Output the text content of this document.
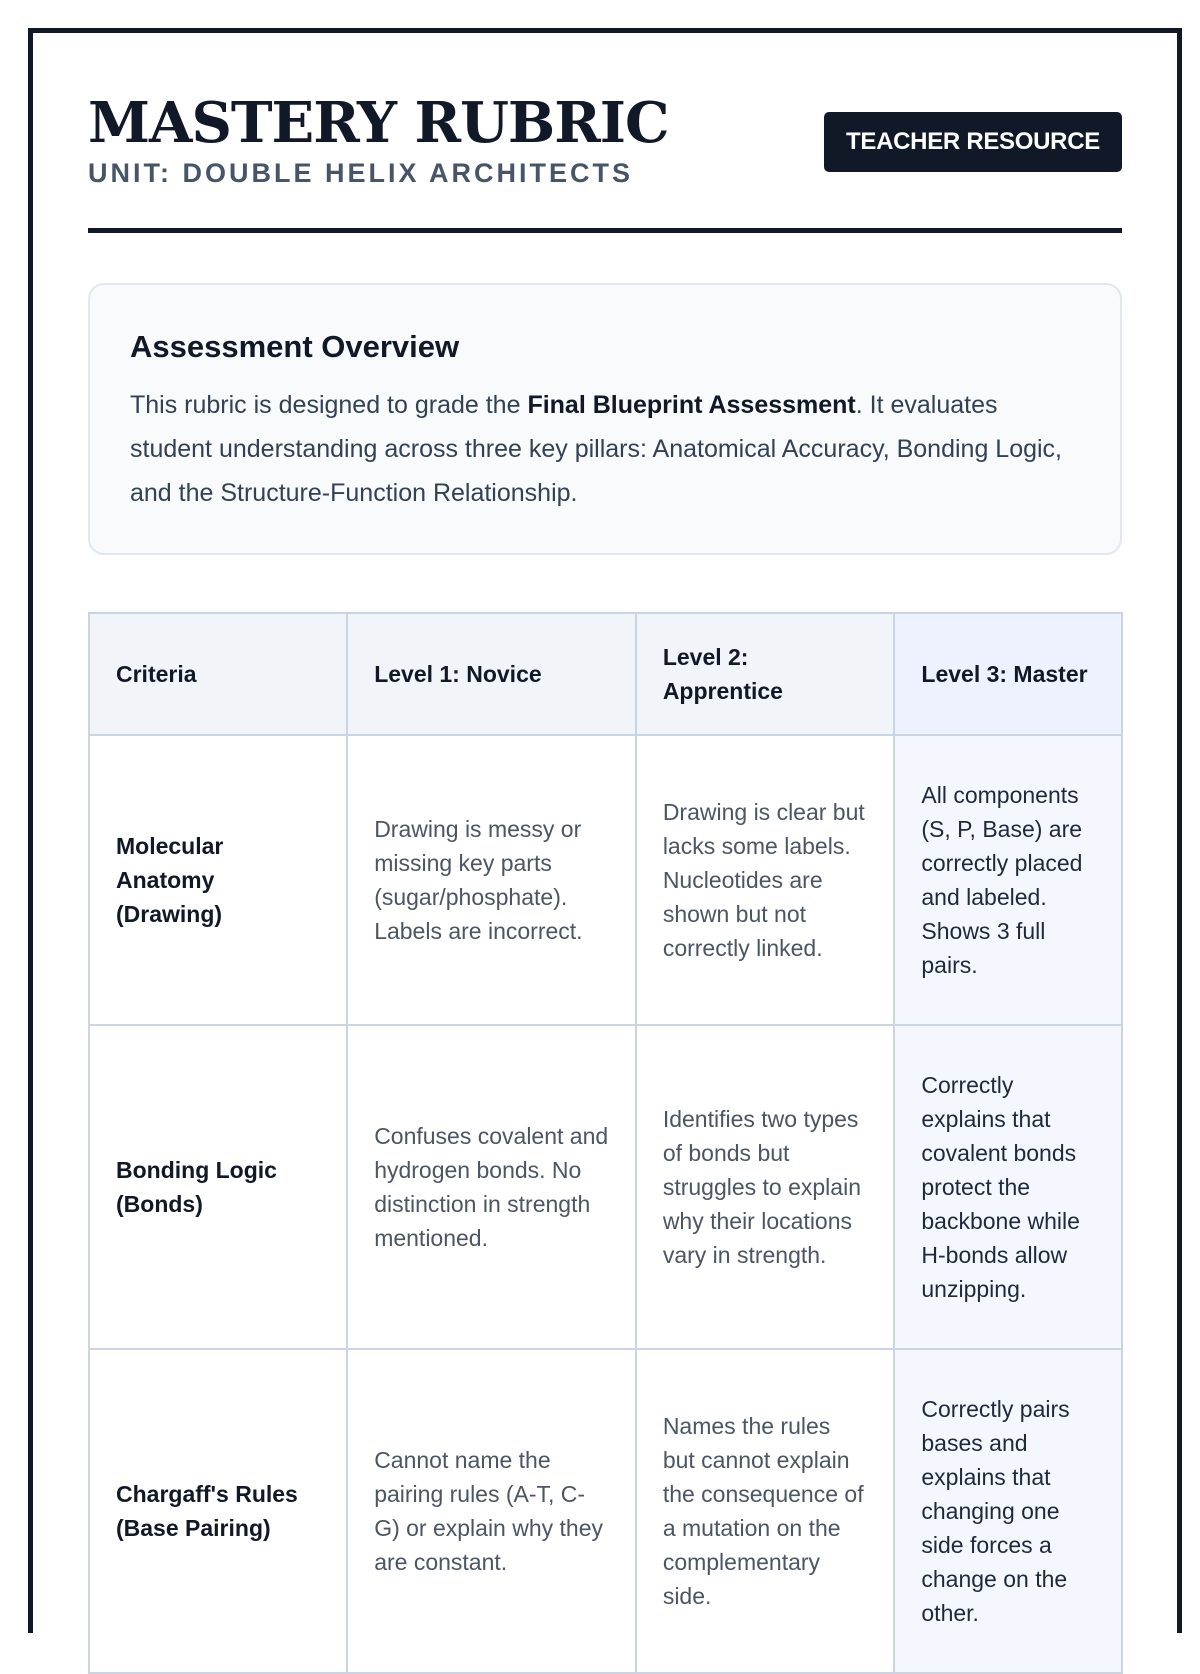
MASTERY RUBRIC
UNIT: DOUBLE HELIX ARCHITECTS
TEACHER RESOURCE
Assessment Overview

This rubric is designed to grade the Final Blueprint Assessment. It evaluates student understanding across three key pillars: Anatomical Accuracy, Bonding Logic, and the Structure-Function Relationship.

Criteria	Level 1: Novice	Level 2: Apprentice	Level 3: Master
Molecular Anatomy (Drawing)	Drawing is messy or missing key parts (sugar/phosphate). Labels are incorrect.	Drawing is clear but lacks some labels. Nucleotides are shown but not correctly linked.	All components (S, P, Base) are correctly placed and labeled. Shows 3 full pairs.
Bonding Logic (Bonds)	Confuses covalent and hydrogen bonds. No distinction in strength mentioned.	Identifies two types of bonds but struggles to explain why their locations vary in strength.	Correctly explains that covalent bonds protect the backbone while H-bonds allow unzipping.
Chargaff's Rules (Base Pairing)	Cannot name the pairing rules (A-T, C-G) or explain why they are constant.	Names the rules but cannot explain the consequence of a mutation on the complementary side.	Correctly pairs bases and explains that changing one side forces a change on the other.
